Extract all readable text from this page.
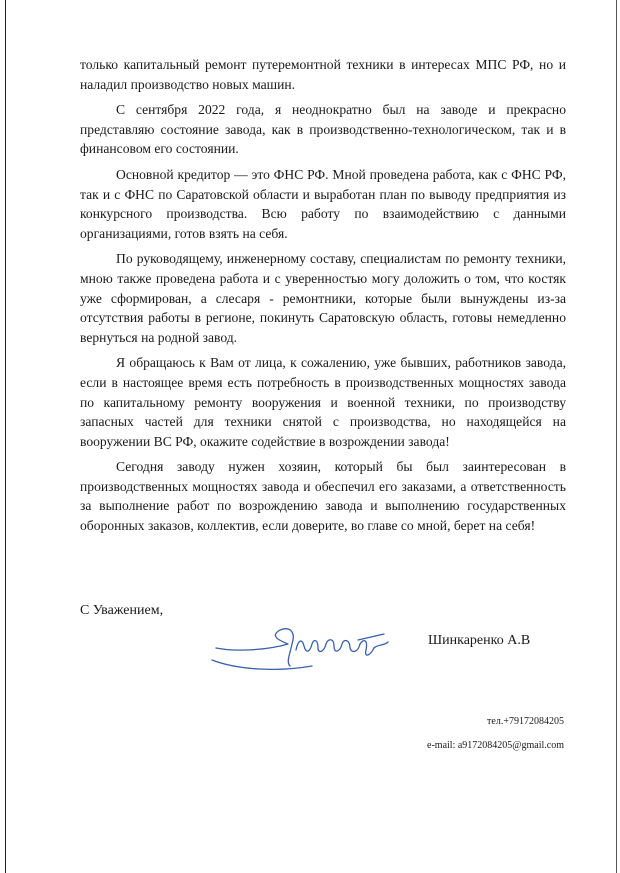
только капитальный ремонт путеремонтной техники в интересах МПС РФ, но и наладил производство новых машин.

С сентября 2022 года, я неоднократно был на заводе и прекрасно представляю состояние завода, как в производственно-технологическом, так и в финансовом его состоянии.

Основной кредитор — это ФНС РФ. Мной проведена работа, как с ФНС РФ, так и с ФНС по Саратовской области и выработан план по выводу предприятия из конкурсного производства. Всю работу по взаимодействию с данными организациями, готов взять на себя.

По руководящему, инженерному составу, специалистам по ремонту техники, мною также проведена работа и с уверенностью могу доложить о том, что костяк уже сформирован, а слесаря - ремонтники, которые были вынуждены из-за отсутствия работы в регионе, покинуть Саратовскую область, готовы немедленно вернуться на родной завод.

Я обращаюсь к Вам от лица, к сожалению, уже бывших, работников завода, если в настоящее время есть потребность в производственных мощностях завода по капитальному ремонту вооружения и военной техники, по производству запасных частей для техники снятой с производства, но находящейся на вооружении ВС РФ, окажите содействие в возрождении завода!

Сегодня заводу нужен хозяин, который бы был заинтересован в производственных мощностях завода и обеспечил его заказами, а ответственность за выполнение работ по возрождению завода и выполнению государственных оборонных заказов, коллектив, если доверите, во главе со мной, берет на себя!

С Уважением,
Шинкаренко А.В
тел.+79172084205
e-mail: a9172084205@gmail.com
